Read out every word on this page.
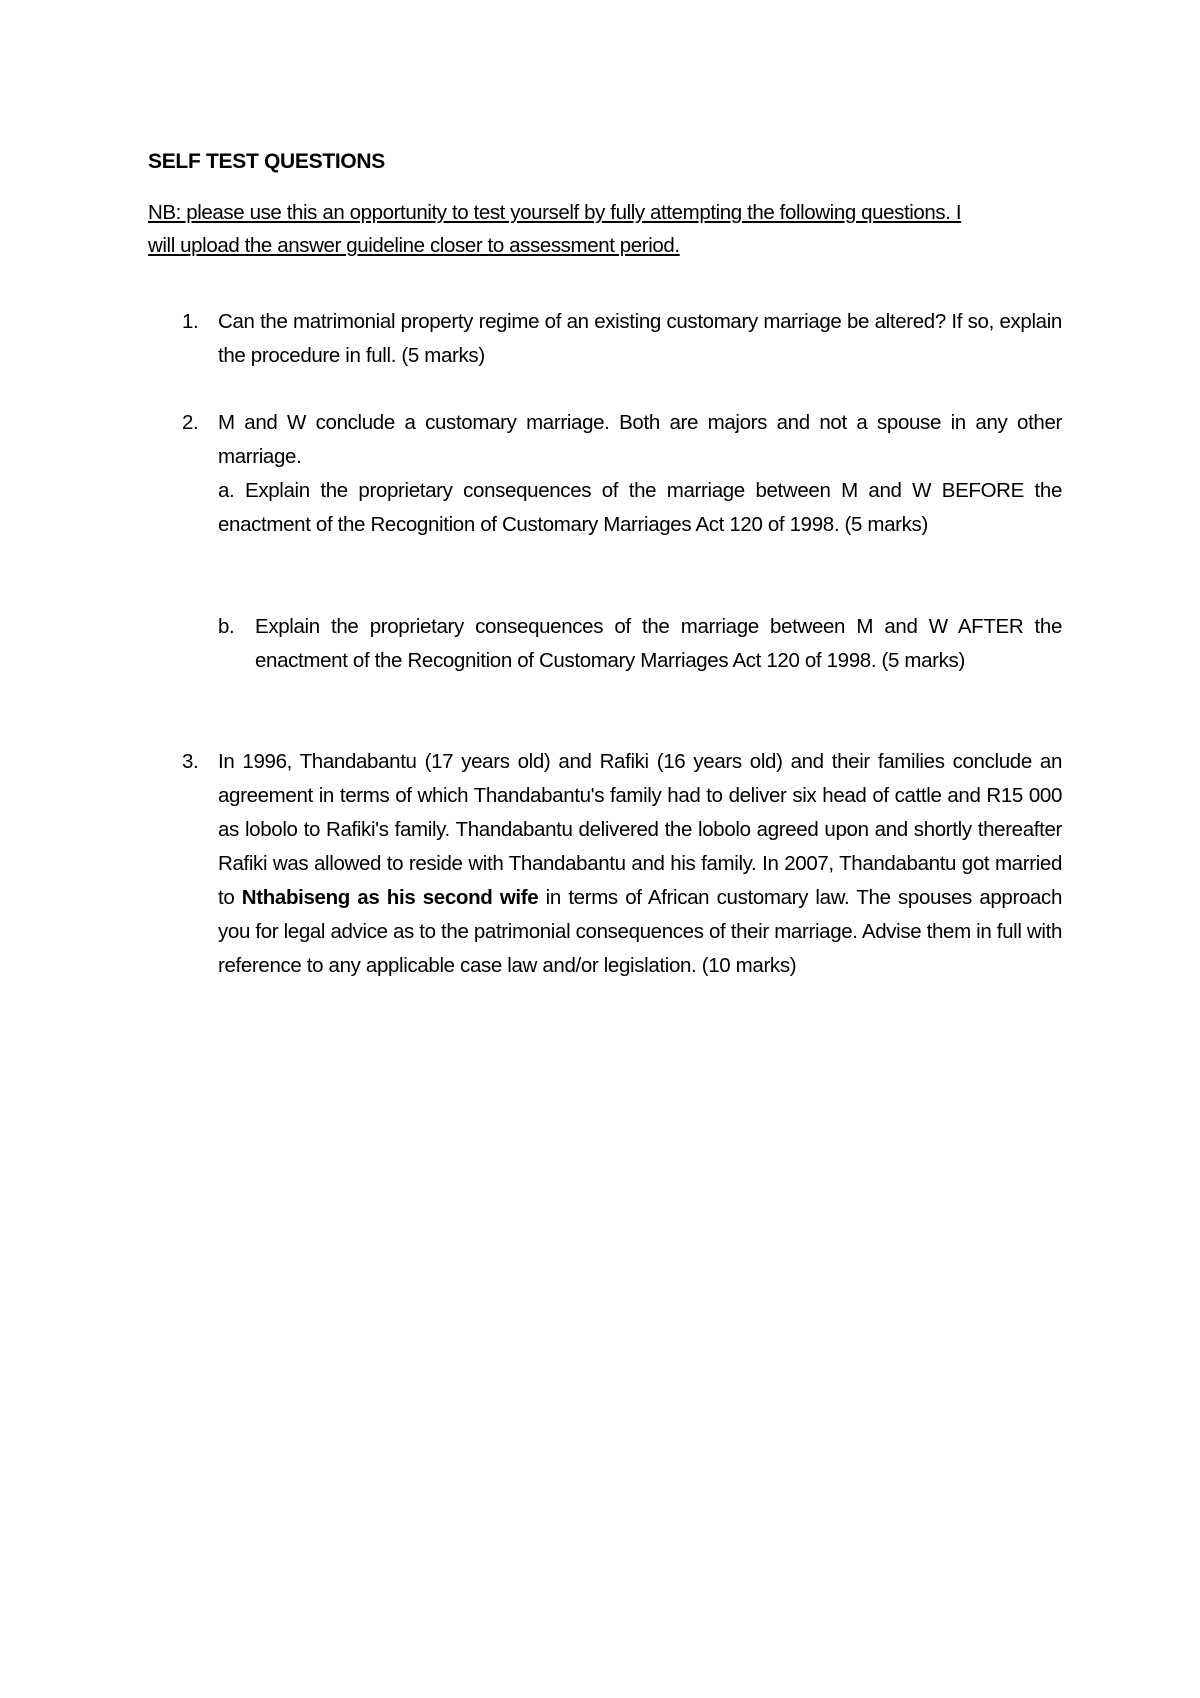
SELF TEST QUESTIONS

NB: please use this an opportunity to test yourself by fully attempting the following questions. I will upload the answer guideline closer to assessment period.

1. Can the matrimonial property regime of an existing customary marriage be altered? If so, explain the procedure in full. (5 marks)
2. M and W conclude a customary marriage. Both are majors and not a spouse in any other marriage.
a. Explain the proprietary consequences of the marriage between M and W BEFORE the enactment of the Recognition of Customary Marriages Act 120 of 1998. (5 marks)
b. Explain the proprietary consequences of the marriage between M and W AFTER the enactment of the Recognition of Customary Marriages Act 120 of 1998. (5 marks)
3. In 1996, Thandabantu (17 years old) and Rafiki (16 years old) and their families conclude an agreement in terms of which Thandabantu's family had to deliver six head of cattle and R15 000 as lobolo to Rafiki's family. Thandabantu delivered the lobolo agreed upon and shortly thereafter Rafiki was allowed to reside with Thandabantu and his family. In 2007, Thandabantu got married to Nthabiseng as his second wife in terms of African customary law. The spouses approach you for legal advice as to the patrimonial consequences of their marriage. Advise them in full with reference to any applicable case law and/or legislation. (10 marks)
